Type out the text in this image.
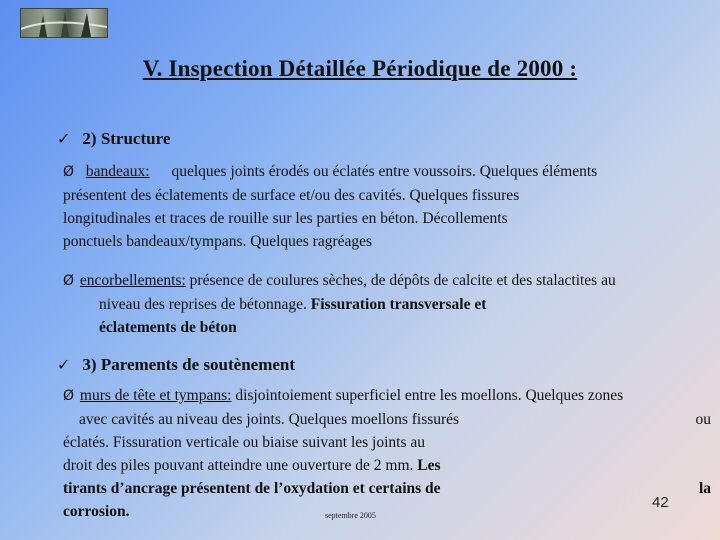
V. Inspection Détaillée Périodique de 2000 :
✓ 2) Structure
Ø bandeaux: quelques joints érodés ou éclatés entre voussoirs. Quelques éléments
présentent des éclatements de surface et/ou des cavités. Quelques fissures
longitudinales et traces de rouille sur les parties en béton. Décollements
ponctuels bandeaux/tympans. Quelques ragréages
Ø encorbellements: présence de coulures sèches, de dépôts de calcite et des stalactites au
niveau des reprises de bétonnage. Fissuration transversale et
éclatements de béton
✓ 3) Parements de soutènement
Ø murs de tête et tympans: disjointoiement superficiel entre les moellons. Quelques zones
avec cavités au niveau des joints. Quelques moellons fissurés	ou
éclatés. Fissuration verticale ou biaise suivant les joints au
droit des piles pouvant atteindre une ouverture de 2 mm. Les
tirants d’ancrage présentent de l’oxydation et certains de	la
corrosion.
42
septembre 2005
